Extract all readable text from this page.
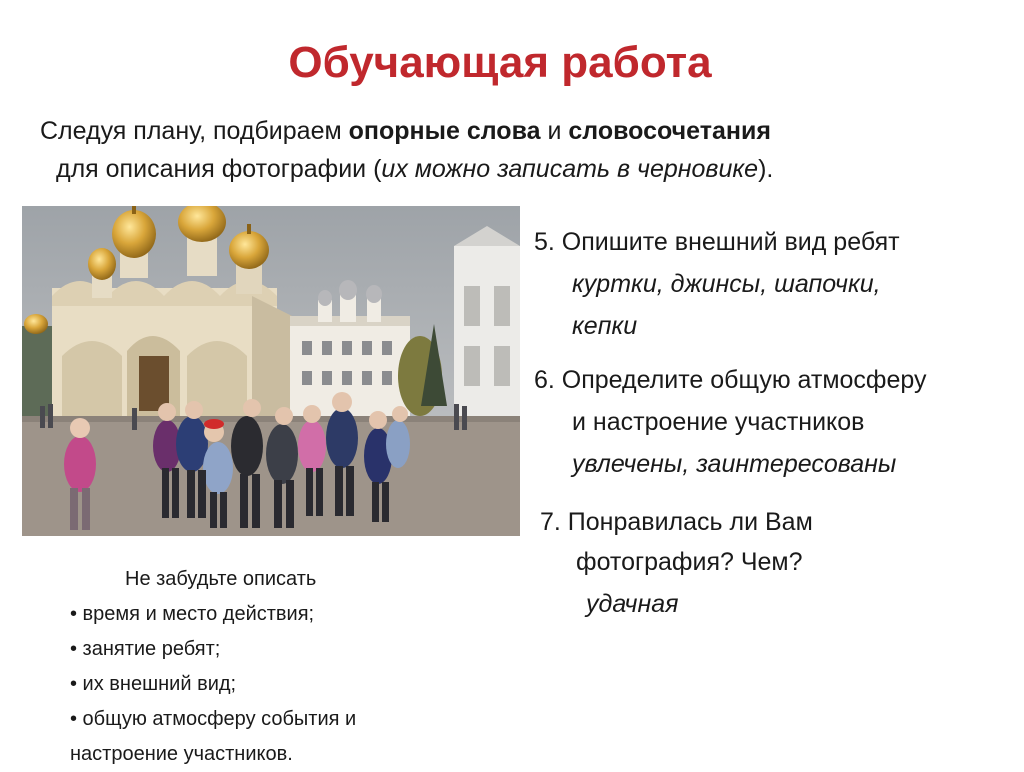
Обучающая работа
Следуя плану, подбираем опорные слова и словосочетания
для описания фотографии (их можно записать в черновике).
5. Опишите внешний вид ребят
куртки, джинсы, шапочки,
кепки
6. Определите общую атмосферу
и настроение участников
увлечены, заинтересованы
7. Понравилась ли Вам
фотография? Чем?
удачная
Не забудьте описать
• время и место действия;
• занятие ребят;
• их внешний вид;
• общую атмосферу события и
настроение участников.
